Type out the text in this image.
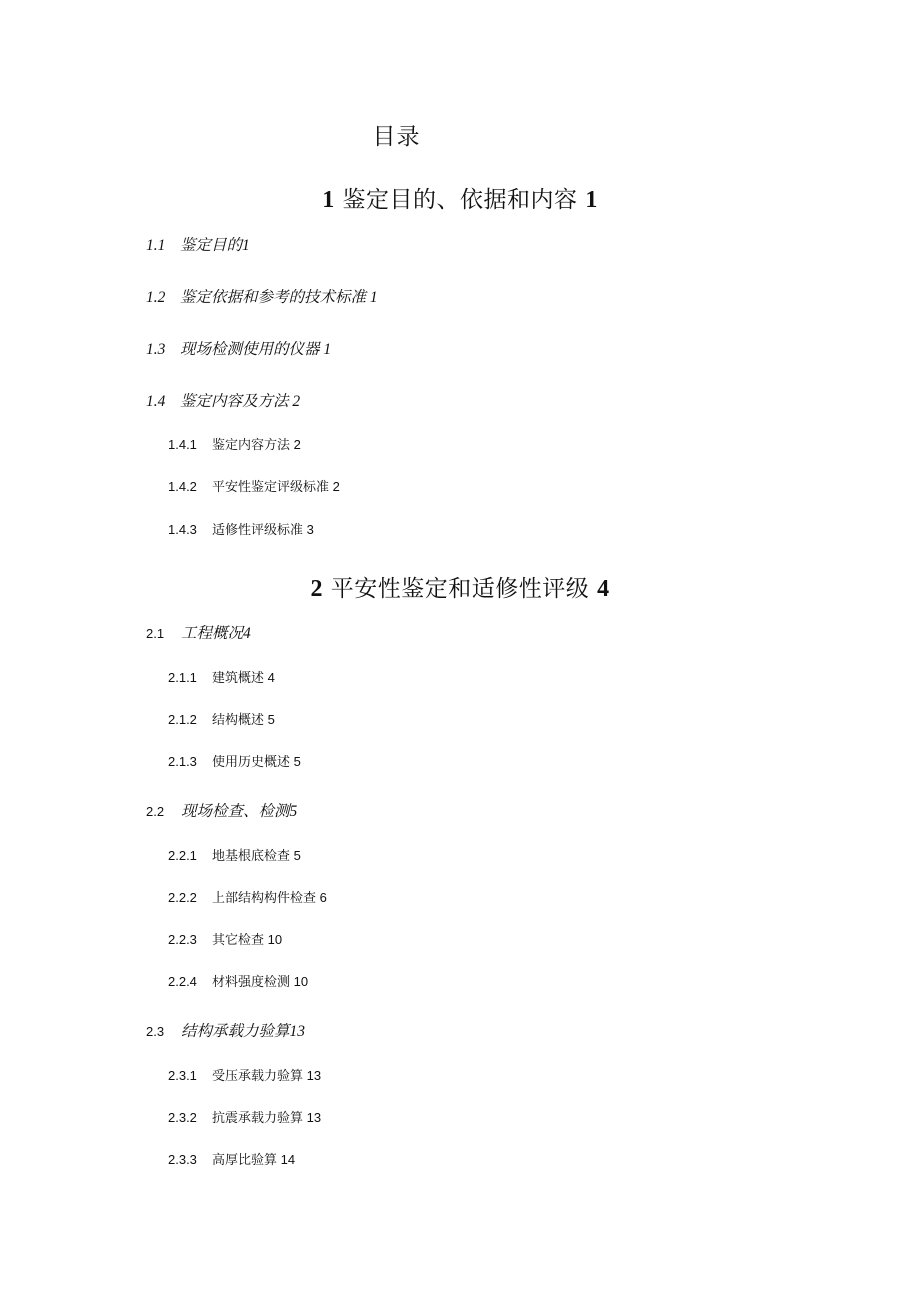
目录
1 鉴定目的、依据和内容 1
1.1 鉴定目的1
1.2 鉴定依据和参考的技术标准 1
1.3 现场检测使用的仪器 1
1.4 鉴定内容及方法 2
1.4.1 鉴定内容方法 2
1.4.2 平安性鉴定评级标准 2
1.4.3 适修性评级标准 3
2 平安性鉴定和适修性评级 4
2.1 工程概况4
2.1.1 建筑概述 4
2.1.2 结构概述 5
2.1.3 使用历史概述 5
2.2 现场检查、检测5
2.2.1 地基根底检查 5
2.2.2 上部结构构件检查 6
2.2.3 其它检查 10
2.2.4 材料强度检测 10
2.3 结构承载力验算13
2.3.1 受压承载力验算 13
2.3.2 抗震承载力验算 13
2.3.3 高厚比验算 14
